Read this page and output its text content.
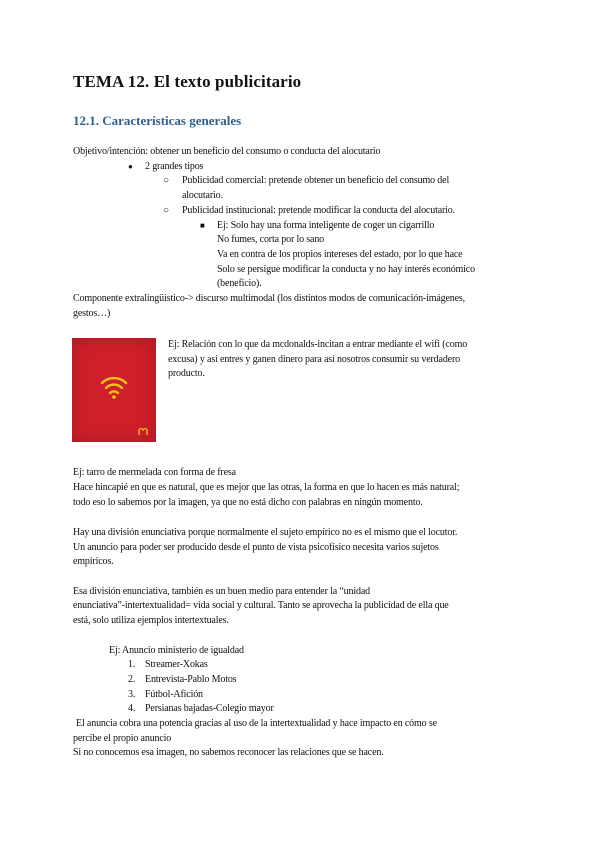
TEMA 12. El texto publicitario
12.1. Características generales
Objetivo/intención: obtener un beneficio del consumo o conducta del alocutario
● 2 grandes tipos
○ Publicidad comercial: pretende obtener un beneficio del consumo del
alocutario.
○ Publicidad institucional: pretende modificar la conducta del alocutario.
■ Ej: Solo hay una forma inteligente de coger un cigarrillo
No fumes, corta por lo sano
Va en contra de los propios intereses del estado, por lo que hace
Solo se persigue modificar la conducta y no hay interés económico
(beneficio).
Componente extralingüístico-> discurso multimodal (los distintos modos de comunicación-imágenes,
gestos…)
Ej: Relación con lo que da mcdonalds-incitan a entrar mediante el wifi (como
excusa) y así entres y ganen dinero para así nosotros consumir su verdadero
producto.
Ej: tarro de mermelada con forma de fresa
Hace hincapié en que es natural, que es mejor que las otras, la forma en que lo hacen es más natural;
todo eso lo sabemos por la imagen, ya que no está dicho con palabras en ningún momento.
Hay una división enunciativa porque normalmente el sujeto empírico no es el mismo que el locutor.
Un anuncio para poder ser producido desde el punto de vista psicofísico necesita varios sujetos
empíricos.
Esa división enunciativa, también es un buen medio para entender la “unidad
enunciativa”-intertextualidad= vida social y cultural. Tanto se aprovecha la publicidad de ella que
está, solo utiliza ejemplos intertextuales.
Ej: Anuncio ministerio de igualdad
1. Streamer-Xokas
2. Entrevista-Pablo Motos
3. Fútbol-Afición
4. Persianas bajadas-Colegio mayor
El anuncia cobra una potencia gracias al uso de la intertextualidad y hace impacto en cómo se
percibe el propio anuncio
Si no conocemos esa imagen, no sabemos reconocer las relaciones que se hacen.
